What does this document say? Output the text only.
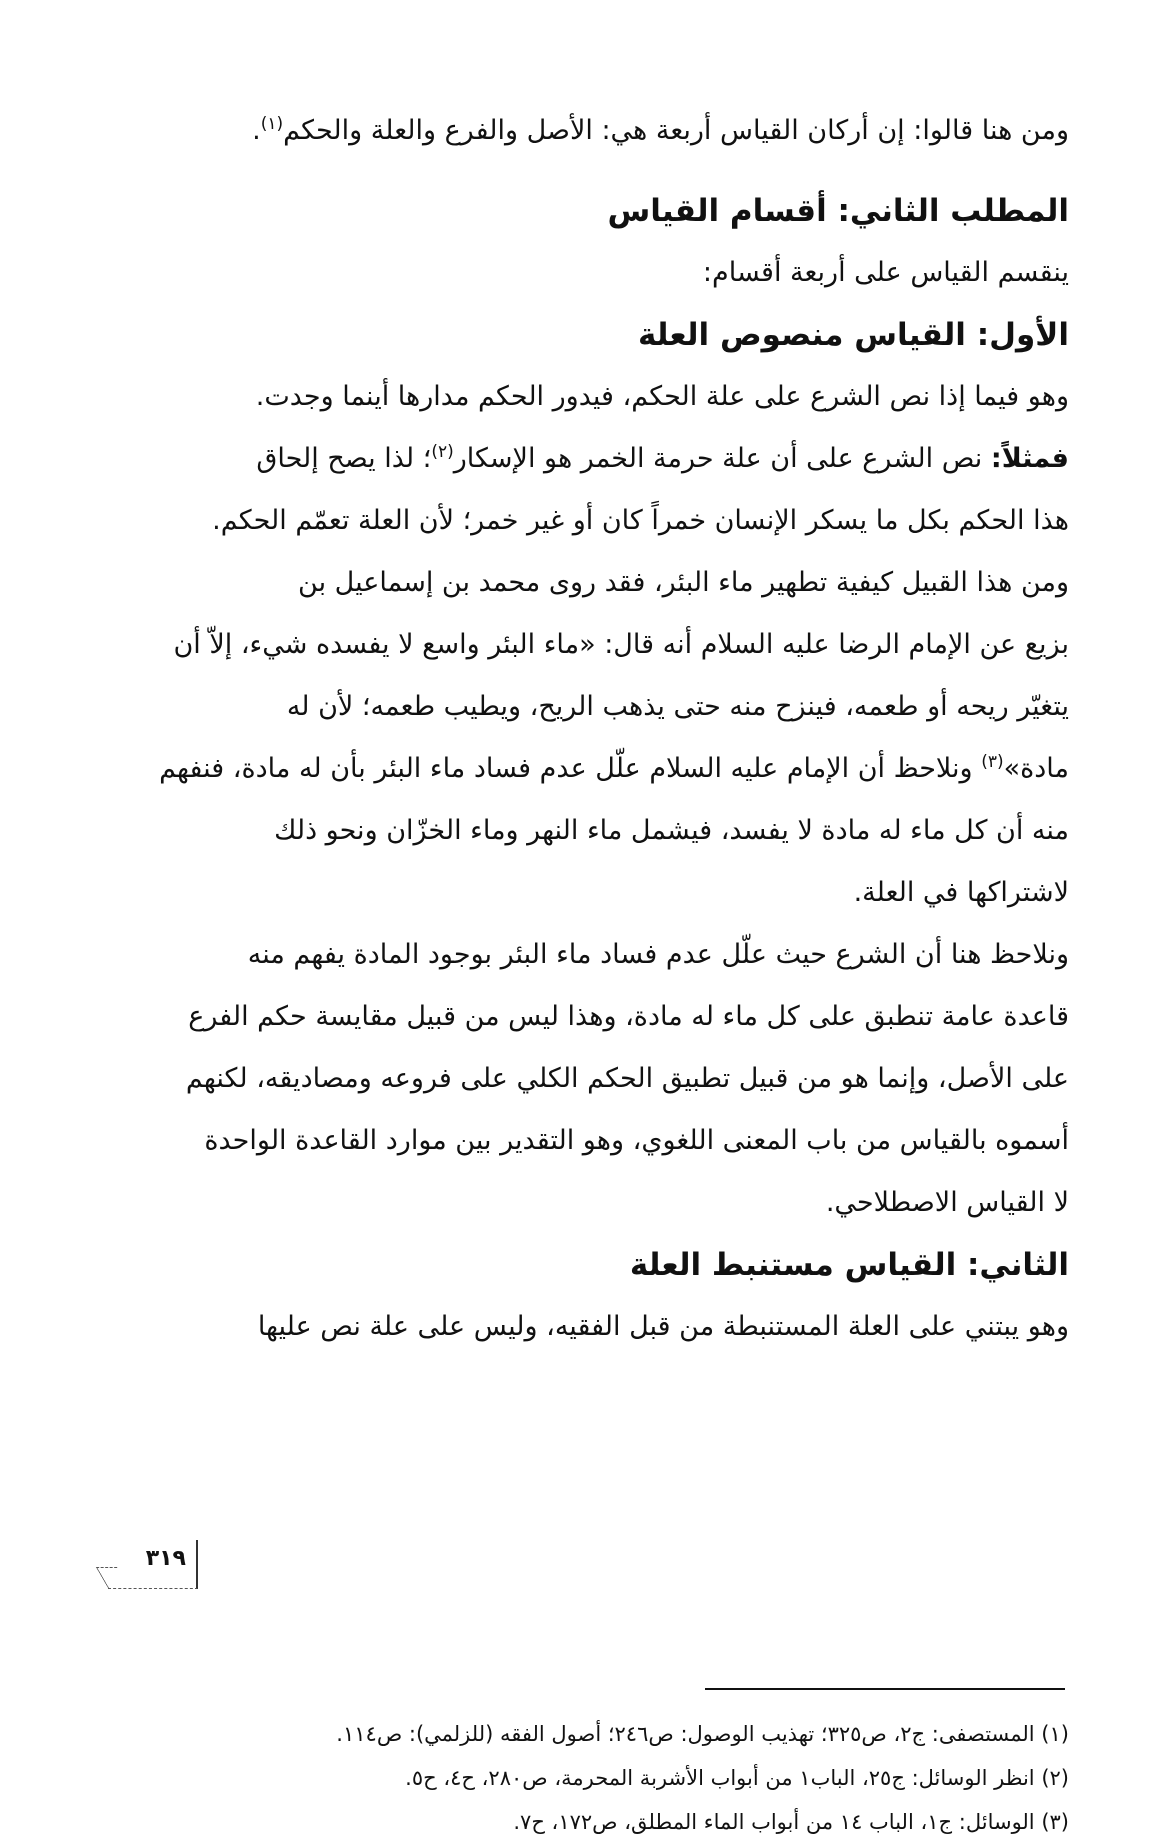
ومن هنا قالوا: إن أركان القياس أربعة هي: الأصل والفرع والعلة والحكم$^{(١)}$.
المطلب الثاني: أقسام القياس
ينقسم القياس على أربعة أقسام:
الأول: القياس منصوص العلة
وهو فيما إذا نص الشرع على علة الحكم، فيدور الحكم مدارها أينما وجدت.
فمثلاً: نص الشرع على أن علة حرمة الخمر هو الإسكار$^{(٢)}$؛ لذا يصح إلحاق
هذا الحكم بكل ما يسكر الإنسان خمراً كان أو غير خمر؛ لأن العلة تعمّم الحكم.
ومن هذا القبيل كيفية تطهير ماء البئر، فقد روى محمد بن إسماعيل بن
بزيع عن الإمام الرضا عليه السلام أنه قال: «ماء البئر واسع لا يفسده شيء، إلاّ أن
يتغيّر ريحه أو طعمه، فينزح منه حتى يذهب الريح، ويطيب طعمه؛ لأن له
مادة»$^{(٣)}$ ونلاحظ أن الإمام عليه السلام علّل عدم فساد ماء البئر بأن له مادة، فنفهم
منه أن كل ماء له مادة لا يفسد، فيشمل ماء النهر وماء الخزّان ونحو ذلك
لاشتراكها في العلة.
ونلاحظ هنا أن الشرع حيث علّل عدم فساد ماء البئر بوجود المادة يفهم منه
قاعدة عامة تنطبق على كل ماء له مادة، وهذا ليس من قبيل مقايسة حكم الفرع
على الأصل، وإنما هو من قبيل تطبيق الحكم الكلي على فروعه ومصاديقه، لكنهم
أسموه بالقياس من باب المعنى اللغوي، وهو التقدير بين موارد القاعدة الواحدة
لا القياس الاصطلاحي.
الثاني: القياس مستنبط العلة
وهو يبتني على العلة المستنبطة من قبل الفقيه، وليس على علة نص عليها
(١) المستصفى: ج٢، ص٣٢٥؛ تهذيب الوصول: ص٢٤٦؛ أصول الفقه (للزلمي): ص١١٤.
(٢) انظر الوسائل: ج٢٥، الباب١ من أبواب الأشربة المحرمة، ص٢٨٠، ح٤، ح٥.
(٣) الوسائل: ج١، الباب ١٤ من أبواب الماء المطلق، ص١٧٢، ح٧.
٣١٩
